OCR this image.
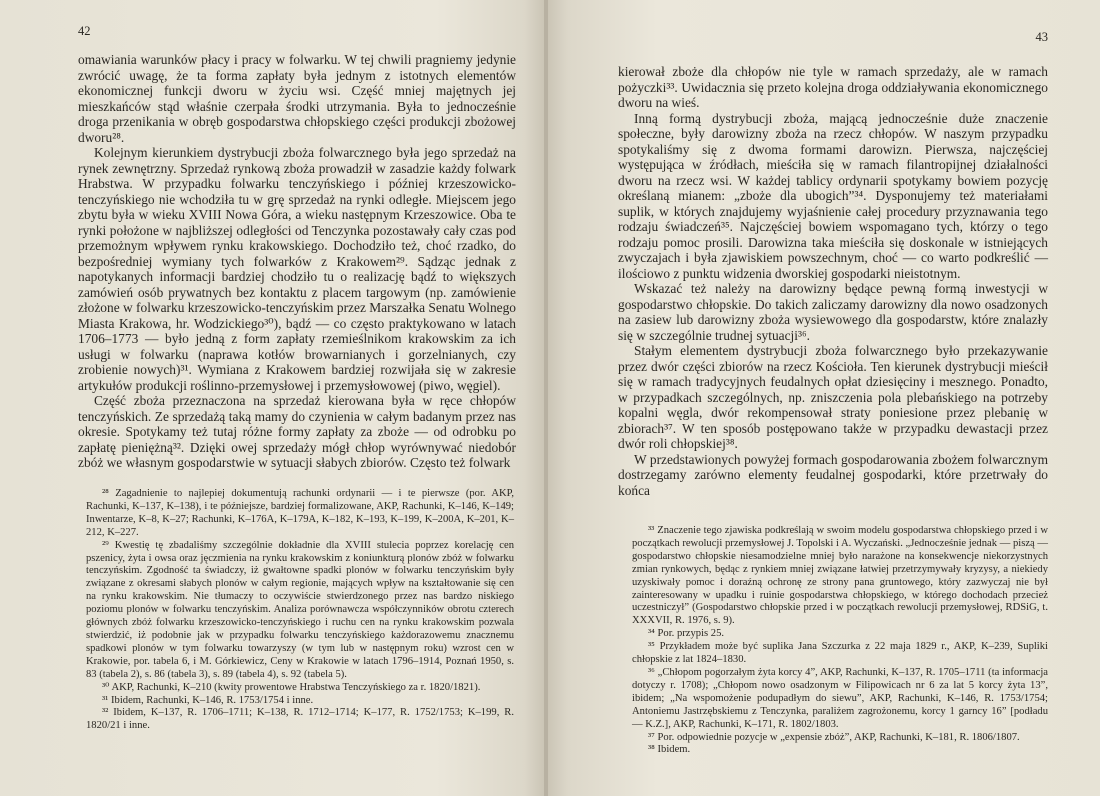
42

omawiania warunków płacy i pracy w folwarku. W tej chwili pragniemy jedynie zwrócić uwagę, że ta forma zapłaty była jednym z istotnych elementów ekonomicznej funkcji dworu w życiu wsi. Część mniej majętnych jej mieszkańców stąd właśnie czerpała środki utrzymania. Była to jednocześnie droga przenikania w obręb gospodarstwa chłopskiego części produkcji zbożowej dworu²⁸.

Kolejnym kierunkiem dystrybucji zboża folwarcznego była jego sprzedaż na rynek zewnętrzny. Sprzedaż rynkową zboża prowadził w zasadzie każdy folwark Hrabstwa. W przypadku folwarku tenczyńskiego i później krzeszowicko-tenczyńskiego nie wchodziła tu w grę sprzedaż na rynki odległe. Miejscem jego zbytu była w wieku XVIII Nowa Góra, a wieku następnym Krzeszowice. Oba te rynki położone w najbliższej odległości od Tenczynka pozostawały cały czas pod przemożnym wpływem rynku krakowskiego. Dochodziło też, choć rzadko, do bezpośredniej wymiany tych folwarków z Krakowem²⁹. Sądząc jednak z napotykanych informacji bardziej chodziło tu o realizację bądź to większych zamówień osób prywatnych bez kontaktu z placem targowym (np. zamówienie złożone w folwarku krzeszowicko-tenczyńskim przez Marszałka Senatu Wolnego Miasta Krakowa, hr. Wodzickiego³⁰), bądź — co często praktykowano w latach 1706–1773 — było jedną z form zapłaty rzemieślnikom krakowskim za ich usługi w folwarku (naprawa kotłów browarnianych i gorzelnianych, czy zrobienie nowych)³¹. Wymiana z Krakowem bardziej rozwijała się w zakresie artykułów produkcji roślinno-przemysłowej i przemysłowowej (piwo, węgiel).

Część zboża przeznaczona na sprzedaż kierowana była w ręce chłopów tenczyńskich. Ze sprzedażą taką mamy do czynienia w całym badanym przez nas okresie. Spotykamy też tutaj różne formy zapłaty za zboże — od odrobku po zapłatę pieniężną³². Dzięki owej sprzedaży mógł chłop wyrównywać niedobór zbóż we własnym gospodarstwie w sytuacji słabych zbiorów. Często też folwark

²⁸ Zagadnienie to najlepiej dokumentują rachunki ordynarii — i te pierwsze (por. AKP, Rachunki, K–137, K–138), i te późniejsze, bardziej formalizowane, AKP, Rachunki, K–146, K–149; Inwentarze, K–8, K–27; Rachunki, K–176A, K–179A, K–182, K–193, K–199, K–200A, K–201, K–212, K–227.

²⁹ Kwestię tę zbadaliśmy szczególnie dokładnie dla XVIII stulecia poprzez korelację cen pszenicy, żyta i owsa oraz jęczmienia na rynku krakowskim z koniunkturą plonów zbóż w folwarku tenczyńskim. Zgodność ta świadczy, iż gwałtowne spadki plonów w folwarku tenczyńskim były związane z okresami słabych plonów w całym regionie, mających wpływ na kształtowanie się cen na rynku krakowskim. Nie tłumaczy to oczywiście stwierdzonego przez nas bardzo niskiego poziomu plonów w folwarku tenczyńskim. Analiza porównawcza współczynników obrotu czterech głównych zbóż folwarku krzeszowicko-tenczyńskiego i ruchu cen na rynku krakowskim pozwala stwierdzić, iż podobnie jak w przypadku folwarku tenczyńskiego każdorazowemu znacznemu spadkowi plonów w tym folwarku towarzyszy (w tym lub w następnym roku) wzrost cen w Krakowie, por. tabela 6, i M. Górkiewicz, Ceny w Krakowie w latach 1796–1914, Poznań 1950, s. 83 (tabela 2), s. 86 (tabela 3), s. 89 (tabela 4), s. 92 (tabela 5).

³⁰ AKP, Rachunki, K–210 (kwity prowentowe Hrabstwa Tenczyńskiego za r. 1820/1821).

³¹ Ibidem, Rachunki, K–146, R. 1753/1754 i inne.

³² Ibidem, K–137, R. 1706–1711; K–138, R. 1712–1714; K–177, R. 1752/1753; K–199, R. 1820/21 i inne.

43

kierował zboże dla chłopów nie tyle w ramach sprzedaży, ale w ramach pożyczki³³. Uwidacznia się przeto kolejna droga oddziaływania ekonomicznego dworu na wieś.

Inną formą dystrybucji zboża, mającą jednocześnie duże znaczenie społeczne, były darowizny zboża na rzecz chłopów. W naszym przypadku spotykaliśmy się z dwoma formami darowizn. Pierwsza, najczęściej występująca w źródłach, mieściła się w ramach filantropijnej działalności dworu na rzecz wsi. W każdej tablicy ordynarii spotykamy bowiem pozycję określaną mianem: „zboże dla ubogich”³⁴. Dysponujemy też materiałami suplik, w których znajdujemy wyjaśnienie całej procedury przyznawania tego rodzaju świadczeń³⁵. Najczęściej bowiem wspomagano tych, którzy o tego rodzaju pomoc prosili. Darowizna taka mieściła się doskonale w istniejących zwyczajach i była zjawiskiem powszechnym, choć — co warto podkreślić — ilościowo z punktu widzenia dworskiej gospodarki nieistotnym.

Wskazać też należy na darowizny będące pewną formą inwestycji w gospodarstwo chłopskie. Do takich zaliczamy darowizny dla nowo osadzonych na zasiew lub darowizny zboża wysiewowego dla gospodarstw, które znalazły się w szczególnie trudnej sytuacji³⁶.

Stałym elementem dystrybucji zboża folwarcznego było przekazywanie przez dwór części zbiorów na rzecz Kościoła. Ten kierunek dystrybucji mieścił się w ramach tradycyjnych feudalnych opłat dziesięciny i mesznego. Ponadto, w przypadkach szczególnych, np. zniszczenia pola plebańskiego na potrzeby kopalni węgla, dwór rekompensował straty poniesione przez plebanię w zbiorach³⁷. W ten sposób postępowano także w przypadku dewastacji przez dwór roli chłopskiej³⁸.

W przedstawionych powyżej formach gospodarowania zbożem folwarcznym dostrzegamy zarówno elementy feudalnej gospodarki, które przetrwały do końca

³³ Znaczenie tego zjawiska podkreślają w swoim modelu gospodarstwa chłopskiego przed i w początkach rewolucji przemysłowej J. Topolski i A. Wyczański. „Jednocześnie jednak — piszą — gospodarstwo chłopskie niesamodzielne mniej było narażone na konsekwencje niekorzystnych zmian rynkowych, będąc z rynkiem mniej związane łatwiej przetrzymywały kryzysy, a niekiedy uzyskiwały pomoc i doraźną ochronę ze strony pana gruntowego, który zazwyczaj nie był zainteresowany w upadku i ruinie gospodarstwa chłopskiego, w którego dochodach przecież uczestniczył” (Gospodarstwo chłopskie przed i w początkach rewolucji przemysłowej, RDSiG, t. XXXVII, R. 1976, s. 9).

³⁴ Por. przypis 25.

³⁵ Przykładem może być suplika Jana Szczurka z 22 maja 1829 r., AKP, K–239, Supliki chłopskie z lat 1824–1830.

³⁶ „Chłopom pogorzałym żyta korcy 4”, AKP, Rachunki, K–137, R. 1705–1711 (ta informacja dotyczy r. 1708); „Chłopom nowo osadzonym w Filipowicach nr 6 za lat 5 korcy żyta 13”, ibidem; „Na wspomożenie podupadłym do siewu”, AKP, Rachunki, K–146, R. 1753/1754; Antoniemu Jastrzębskiemu z Tenczynka, paraliżem zagrożonemu, korcy 1 garncy 16” [podładu — K.Z.], AKP, Rachunki, K–171, R. 1802/1803.

³⁷ Por. odpowiednie pozycje w „expensie zbóż”, AKP, Rachunki, K–181, R. 1806/1807.

³⁸ Ibidem.
